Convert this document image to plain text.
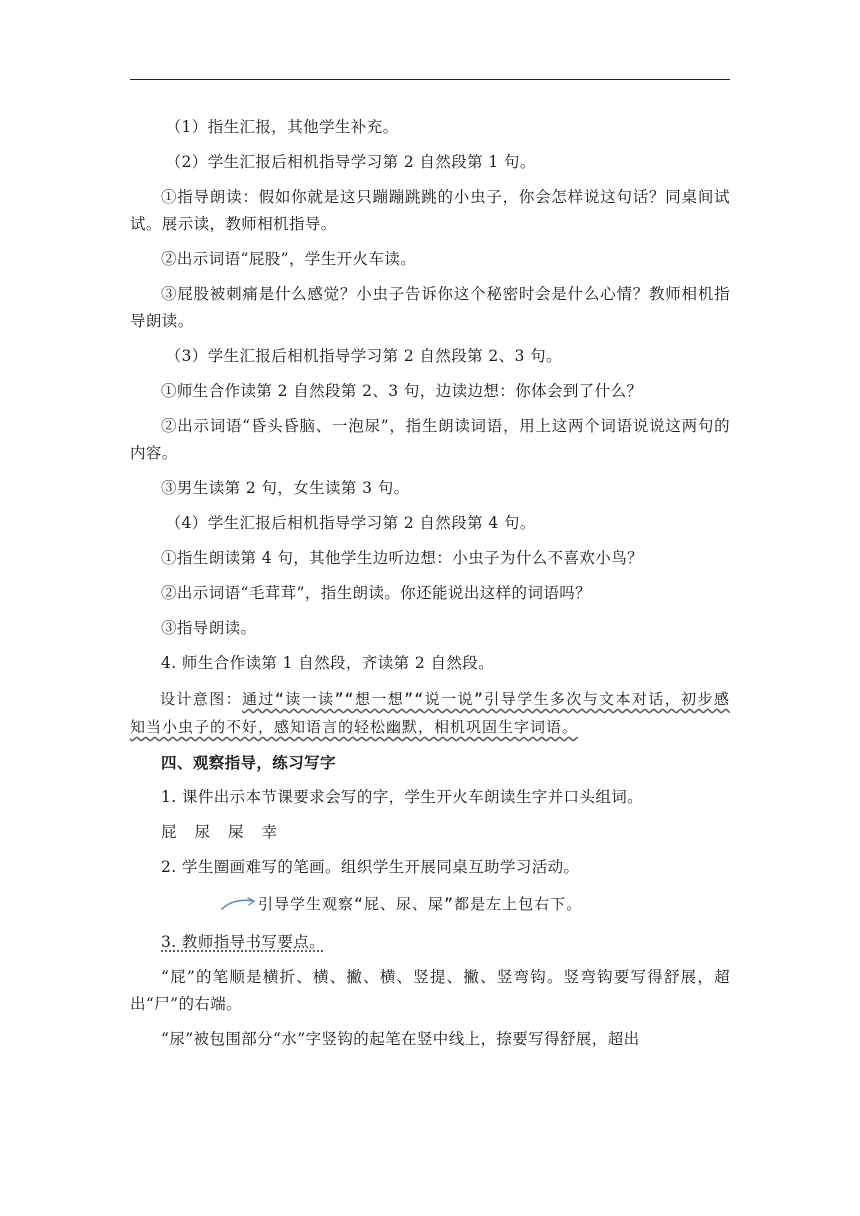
（1）指生汇报，其他学生补充。

（2）学生汇报后相机指导学习第 2 自然段第 1 句。

①指导朗读：假如你就是这只蹦蹦跳跳的小虫子，你会怎样说这句话？同桌间试试。展示读，教师相机指导。

②出示词语“屁股”，学生开火车读。

③屁股被刺痛是什么感觉？小虫子告诉你这个秘密时会是什么心情？教师相机指导朗读。

（3）学生汇报后相机指导学习第 2 自然段第 2、3 句。

①师生合作读第 2 自然段第 2、3 句，边读边想：你体会到了什么？

②出示词语“昏头昏脑、一泡尿”，指生朗读词语，用上这两个词语说说这两句的内容。

③男生读第 2 句，女生读第 3 句。

（4）学生汇报后相机指导学习第 2 自然段第 4 句。

①指生朗读第 4 句，其他学生边听边想：小虫子为什么不喜欢小鸟？

②出示词语“毛茸茸”，指生朗读。你还能说出这样的词语吗？

③指导朗读。

4. 师生合作读第 1 自然段，齐读第 2 自然段。

设计意图：通过“读一读”“想一想”“说一说”引导学生多次与文本对话，初步感知当小虫子的不好，感知语言的轻松幽默，相机巩固生字词语。

四、观察指导，练习写字

1. 课件出示本节课要求会写的字，学生开火车朗读生字并口头组词。

屁 尿 屎 幸

2. 学生圈画难写的笔画。组织学生开展同桌互助学习活动。

引导学生观察“屁、尿、屎”都是左上包右下。

3. 教师指导书写要点。

“屁”的笔顺是横折、横、撇、横、竖提、撇、竖弯钩。竖弯钩要写得舒展，超出“尸”的右端。

“尿”被包围部分“水”字竖钩的起笔在竖中线上，捺要写得舒展，超出
